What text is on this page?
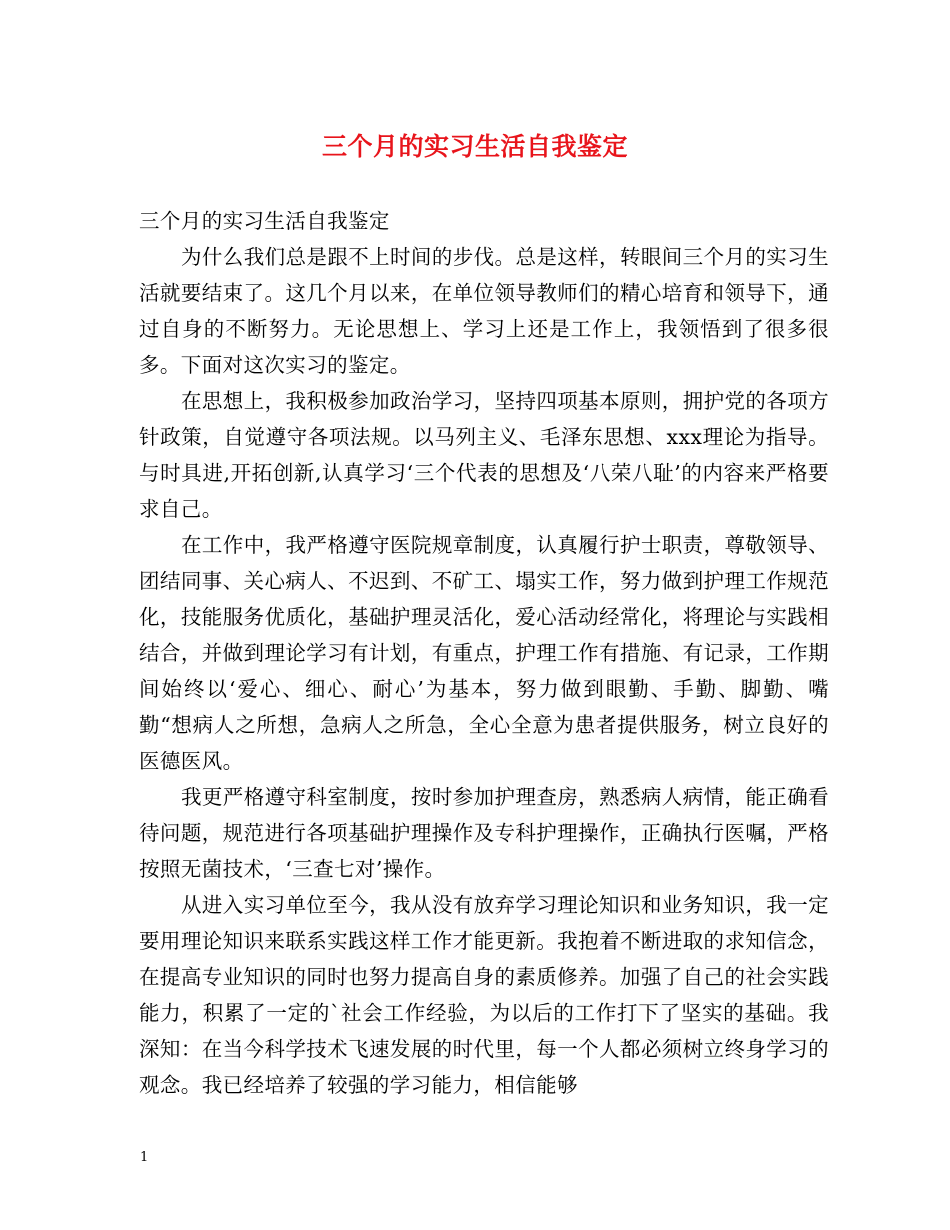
三个月的实习生活自我鉴定

三个月的实习生活自我鉴定

为什么我们总是跟不上时间的步伐。总是这样，转眼间三个月的实习生活就要结束了。这几个月以来，在单位领导教师们的精心培育和领导下，通过自身的不断努力。无论思想上、学习上还是工作上，我领悟到了很多很多。下面对这次实习的鉴定。

在思想上，我积极参加政治学习，坚持四项基本原则，拥护党的各项方针政策，自觉遵守各项法规。以马列主义、毛泽东思想、xxx理论为指导。与时具进,开拓创新,认真学习‘三个代表的思想及‘八荣八耻’的内容来严格要求自己。

在工作中，我严格遵守医院规章制度，认真履行护士职责，尊敬领导、团结同事、关心病人、不迟到、不矿工、塌实工作，努力做到护理工作规范化，技能服务优质化，基础护理灵活化，爱心活动经常化，将理论与实践相结合，并做到理论学习有计划，有重点，护理工作有措施、有记录，工作期间始终以‘爱心、细心、耐心’为基本，努力做到眼勤、手勤、脚勤、嘴勤“想病人之所想，急病人之所急，全心全意为患者提供服务，树立良好的医德医风。

我更严格遵守科室制度，按时参加护理查房，熟悉病人病情，能正确看待问题，规范进行各项基础护理操作及专科护理操作，正确执行医嘱，严格按照无菌技术，‘三查七对’操作。

从进入实习单位至今，我从没有放弃学习理论知识和业务知识，我一定要用理论知识来联系实践这样工作才能更新。我抱着不断进取的求知信念，在提高专业知识的同时也努力提高自身的素质修养。加强了自己的社会实践能力，积累了一定的`社会工作经验，为以后的工作打下了坚实的基础。我深知：在当今科学技术飞速发展的时代里，每一个人都必须树立终身学习的观念。我已经培养了较强的学习能力，相信能够

1
